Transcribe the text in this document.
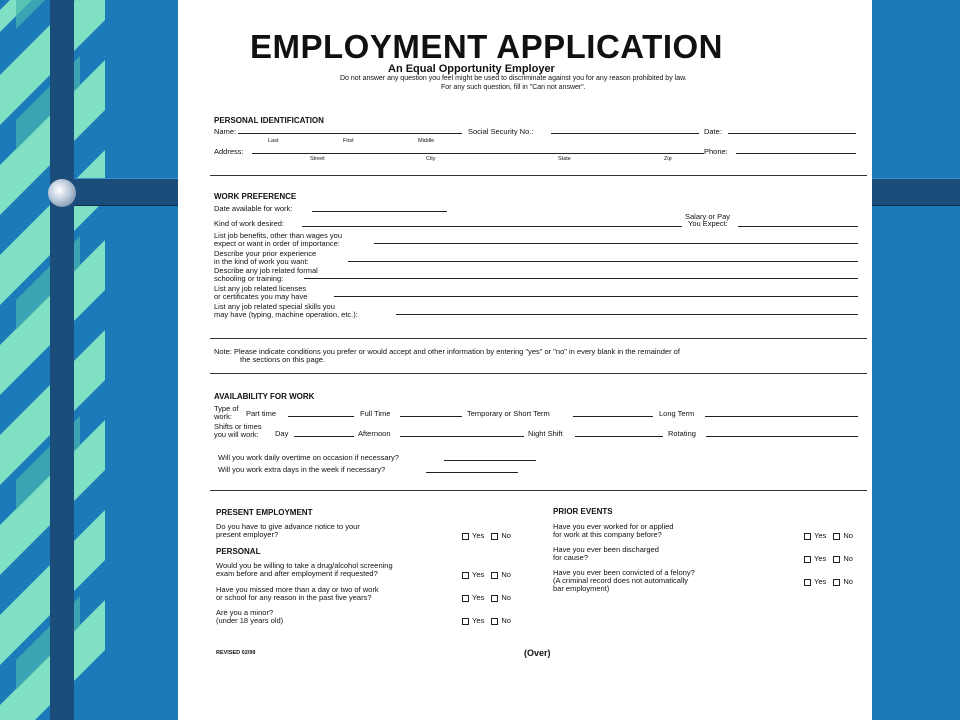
EMPLOYMENT APPLICATION
An Equal Opportunity Employer
Do not answer any question you feel might be used to discriminate against you for any reason prohibited by law.
For any such question, fill in "Can not answer".
PERSONAL IDENTIFICATION
Name:
Last	First	Middle
Social Security No.:	Date:
Address:
Street	City	State	Zip
Phone:
WORK PREFERENCE
Date available for work:
Salary or Pay
Kind of work desired:	You Expect:
List job benefits, other than wages you
expect or want in order of importance:
Describe your prior experience
in the kind of work you want:
Describe any job related formal
schooling or training:
List any job related licenses
or certificates you may have
List any job related special skills you
may have (typing, machine operation, etc.):
Note: Please indicate conditions you prefer or would accept and other information by entering "yes" or "no" in every blank in the remainder of
the sections on this page.
AVAILABILITY FOR WORK
Type of
work:	Part time	Full Time	Temporary or Short Term	Long Term
Shifts or times
you will work:	Day	Afternoon	Night Shift	Rotating
Will you work daily overtime on occasion if necessary?
Will you work extra days in the week if necessary?
PRESENT EMPLOYMENT
Do you have to give advance notice to your
present employer?	Yes No
PERSONAL
Would you be willing to take a drug/alcohol screening
exam before and after employment if requested?	Yes No
Have you missed more than a day or two of work
or school for any reason in the past five years?	Yes No
Are you a minor?
(under 18 years old)	Yes No
PRIOR EVENTS
Have you ever worked for or applied
for work at this company before?	Yes No
Have you ever been discharged
for cause?	Yes No
Have you ever been convicted of a felony?
(A criminal record does not automatically
bar employment)
Yes No
REVISED 02/99	(Over)
